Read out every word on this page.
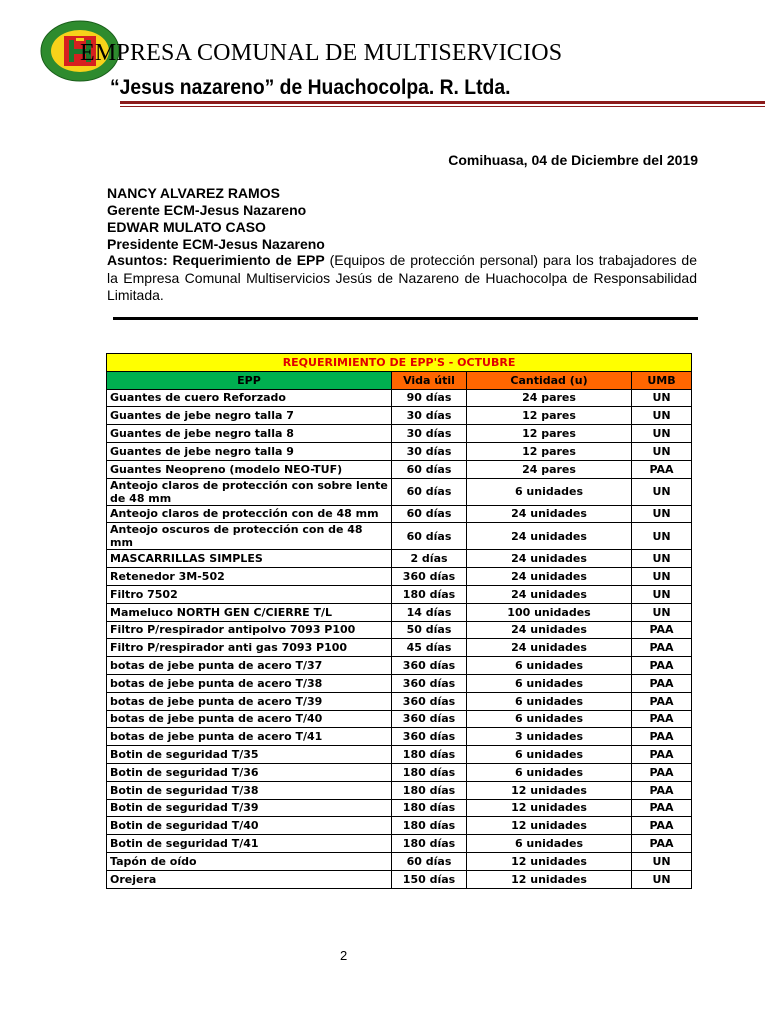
EMPRESA COMUNAL DE MULTISERVICIOS
“Jesus nazareno” de Huachocolpa. R. Ltda.
Comihuasa, 04 de Diciembre del 2019
NANCY ALVAREZ RAMOS
Gerente ECM-Jesus Nazareno
EDWAR MULATO CASO
Presidente ECM-Jesus Nazareno
Asuntos: Requerimiento de EPP (Equipos de protección personal) para los trabajadores de la Empresa Comunal Multiservicios Jesús de Nazareno de Huachocolpa de Responsabilidad Limitada.
REQUERIMIENTO DE EPP'S - OCTUBRE			
EPP	Vida útil	Cantidad (u)	UMB
Guantes de cuero Reforzado	90 días	24 pares	UN
Guantes de jebe negro talla 7	30 días	12 pares	UN
Guantes de jebe negro talla 8	30 días	12 pares	UN
Guantes de jebe negro talla 9	30 días	12 pares	UN
Guantes Neopreno (modelo NEO-TUF)	60 días	24 pares	PAA
Anteojo claros de protección con sobre lente de 48 mm	60 días	6 unidades	UN
Anteojo claros de protección con de 48 mm	60 días	24 unidades	UN
Anteojo oscuros de protección con de 48 mm	60 días	24 unidades	UN
MASCARRILLAS SIMPLES	2 días	24 unidades	UN
Retenedor 3M-502	360 días	24 unidades	UN
Filtro 7502	180 días	24 unidades	UN
Mameluco NORTH GEN C/CIERRE T/L	14 días	100 unidades	UN
Filtro P/respirador antipolvo 7093 P100	50 días	24 unidades	PAA
Filtro P/respirador anti gas 7093 P100	45 días	24 unidades	PAA
botas de jebe punta de acero T/37	360 días	6 unidades	PAA
botas de jebe punta de acero T/38	360 días	6 unidades	PAA
botas de jebe punta de acero T/39	360 días	6 unidades	PAA
botas de jebe punta de acero T/40	360 días	6 unidades	PAA
botas de jebe punta de acero T/41	360 días	3 unidades	PAA
Botin de seguridad T/35	180 días	6 unidades	PAA
Botin de seguridad T/36	180 días	6 unidades	PAA
Botin de seguridad T/38	180 días	12 unidades	PAA
Botin de seguridad T/39	180 días	12 unidades	PAA
Botin de seguridad T/40	180 días	12 unidades	PAA
Botin de seguridad T/41	180 días	6 unidades	PAA
Tapón de oído	60 días	12 unidades	UN
Orejera	150 días	12 unidades	UN
2
